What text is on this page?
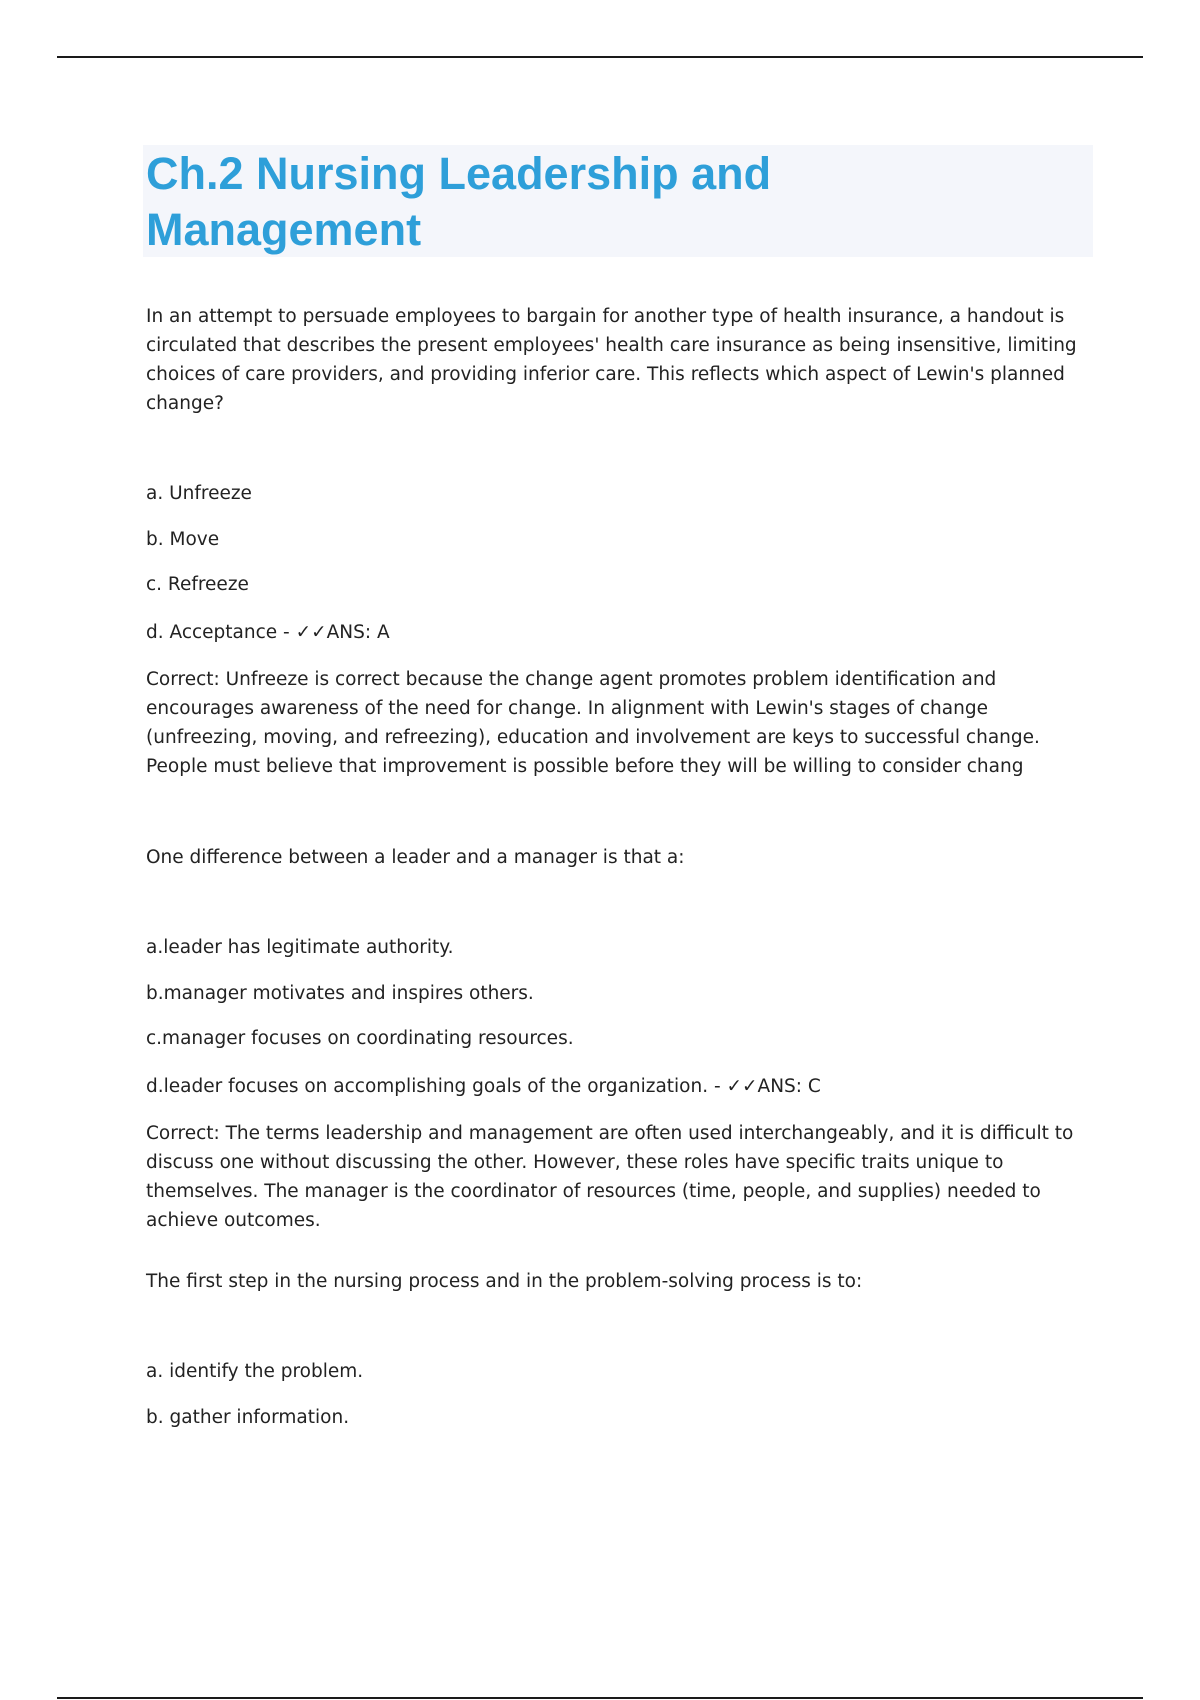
Ch.2 Nursing Leadership and Management

In an attempt to persuade employees to bargain for another type of health insurance, a handout is circulated that describes the present employees' health care insurance as being insensitive, limiting choices of care providers, and providing inferior care. This reflects which aspect of Lewin's planned change?

a. Unfreeze

b. Move

c. Refreeze

d. Acceptance - ✓✓ANS: A

Correct: Unfreeze is correct because the change agent promotes problem identification and encourages awareness of the need for change. In alignment with Lewin's stages of change (unfreezing, moving, and refreezing), education and involvement are keys to successful change. People must believe that improvement is possible before they will be willing to consider chang

One difference between a leader and a manager is that a:

a.leader has legitimate authority.

b.manager motivates and inspires others.

c.manager focuses on coordinating resources.

d.leader focuses on accomplishing goals of the organization. - ✓✓ANS: C

Correct: The terms leadership and management are often used interchangeably, and it is difficult to discuss one without discussing the other. However, these roles have specific traits unique to themselves. The manager is the coordinator of resources (time, people, and supplies) needed to achieve outcomes.

The first step in the nursing process and in the problem-solving process is to:

a. identify the problem.

b. gather information.
